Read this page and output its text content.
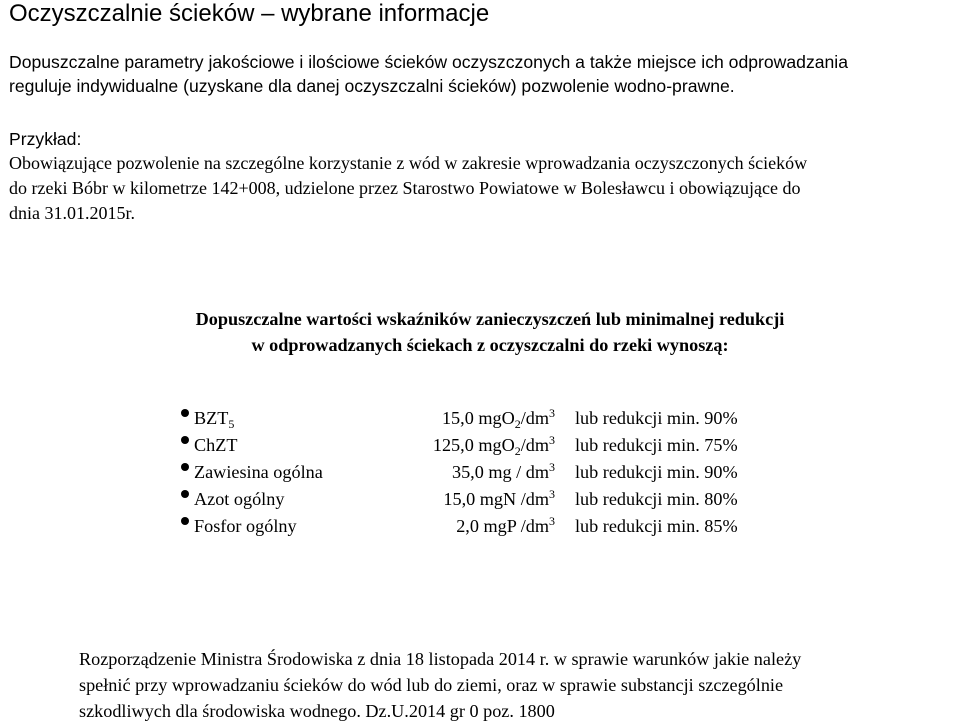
Oczyszczalnie ścieków – wybrane informacje
Dopuszczalne parametry jakościowe i ilościowe ścieków oczyszczonych a także miejsce ich odprowadzania
reguluje indywidualne (uzyskane dla danej oczyszczalni ścieków) pozwolenie wodno-prawne.
Przykład:
Obowiązujące pozwolenie na szczególne korzystanie z wód w zakresie wprowadzania oczyszczonych ścieków
do rzeki Bóbr w kilometrze 142+008, udzielone przez Starostwo Powiatowe w Bolesławcu i obowiązujące do
dnia 31.01.2015r.
Dopuszczalne wartości wskaźników zanieczyszczeń lub minimalnej redukcji
w odprowadzanych ściekach z oczyszczalni do rzeki wynoszą:
$BZT_5$	15,0 $mgO_2/dm^3$ lub redukcji min. 90%
ChZT	125,0 $mgO_2/dm^3$ lub redukcji min. 75%
Zawiesina ogólna	35,0 mg / $dm^3$ lub redukcji min. 90%
Azot ogólny	15,0 mgN $/dm^3$ lub redukcji min. 80%
Fosfor ogólny	2,0 mgP $/dm^3$ lub redukcji min. 85%
Rozporządzenie Ministra Środowiska z dnia 18 listopada 2014 r. w sprawie warunków jakie należy
spełnić przy wprowadzaniu ścieków do wód lub do ziemi, oraz w sprawie substancji szczególnie
szkodliwych dla środowiska wodnego. Dz.U.2014 gr 0 poz. 1800
